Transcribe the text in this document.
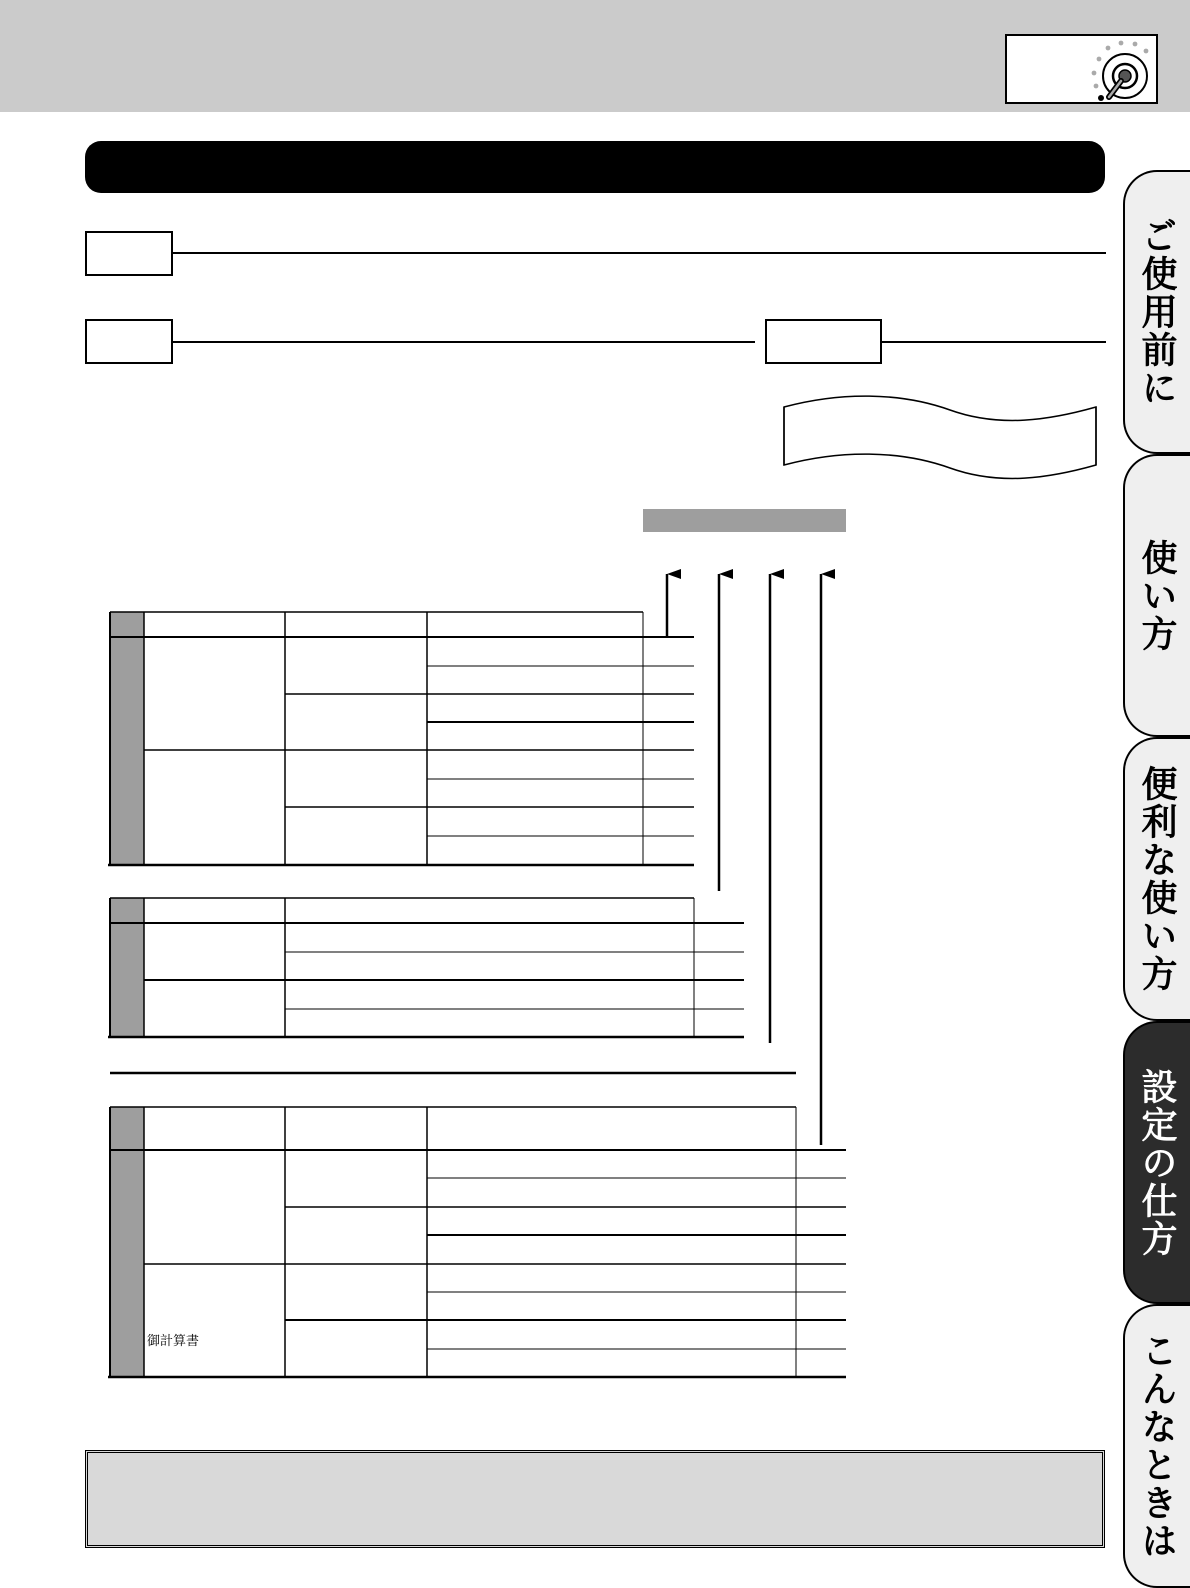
御計算書
ご使用前に
使い方
便利な使い方
設定の仕方
こんなときは
